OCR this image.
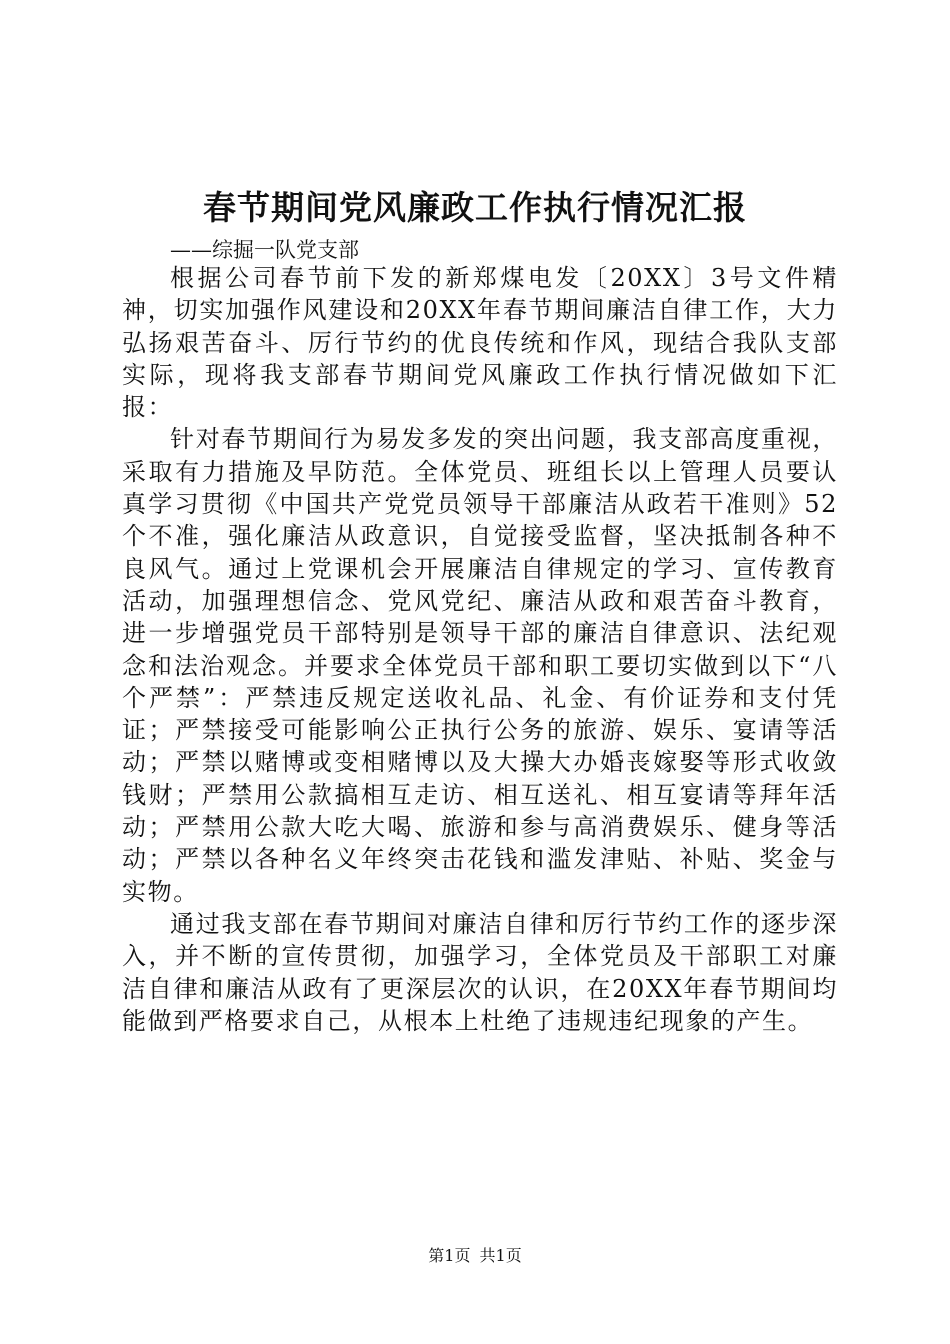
春节期间党风廉政工作执行情况汇报
——综掘一队党支部

根据公司春节前下发的新郑煤电发〔20XX〕3号文件精神，切实加强作风建设和20XX年春节期间廉洁自律工作，大力弘扬艰苦奋斗、厉行节约的优良传统和作风，现结合我队支部实际，现将我支部春节期间党风廉政工作执行情况做如下汇报：

针对春节期间行为易发多发的突出问题，我支部高度重视，采取有力措施及早防范。全体党员、班组长以上管理人员要认真学习贯彻《中国共产党党员领导干部廉洁从政若干准则》52个不准，强化廉洁从政意识，自觉接受监督，坚决抵制各种不良风气。通过上党课机会开展廉洁自律规定的学习、宣传教育活动，加强理想信念、党风党纪、廉洁从政和艰苦奋斗教育，进一步增强党员干部特别是领导干部的廉洁自律意识、法纪观念和法治观念。并要求全体党员干部和职工要切实做到以下“八个严禁”：严禁违反规定送收礼品、礼金、有价证券和支付凭证；严禁接受可能影响公正执行公务的旅游、娱乐、宴请等活动；严禁以赌博或变相赌博以及大操大办婚丧嫁娶等形式收敛钱财；严禁用公款搞相互走访、相互送礼、相互宴请等拜年活动；严禁用公款大吃大喝、旅游和参与高消费娱乐、健身等活动；严禁以各种名义年终突击花钱和滥发津贴、补贴、奖金与实物。

通过我支部在春节期间对廉洁自律和厉行节约工作的逐步深入，并不断的宣传贯彻，加强学习，全体党员及干部职工对廉洁自律和廉洁从政有了更深层次的认识，在20XX年春节期间均能做到严格要求自己，从根本上杜绝了违规违纪现象的产生。

第1页 共1页
